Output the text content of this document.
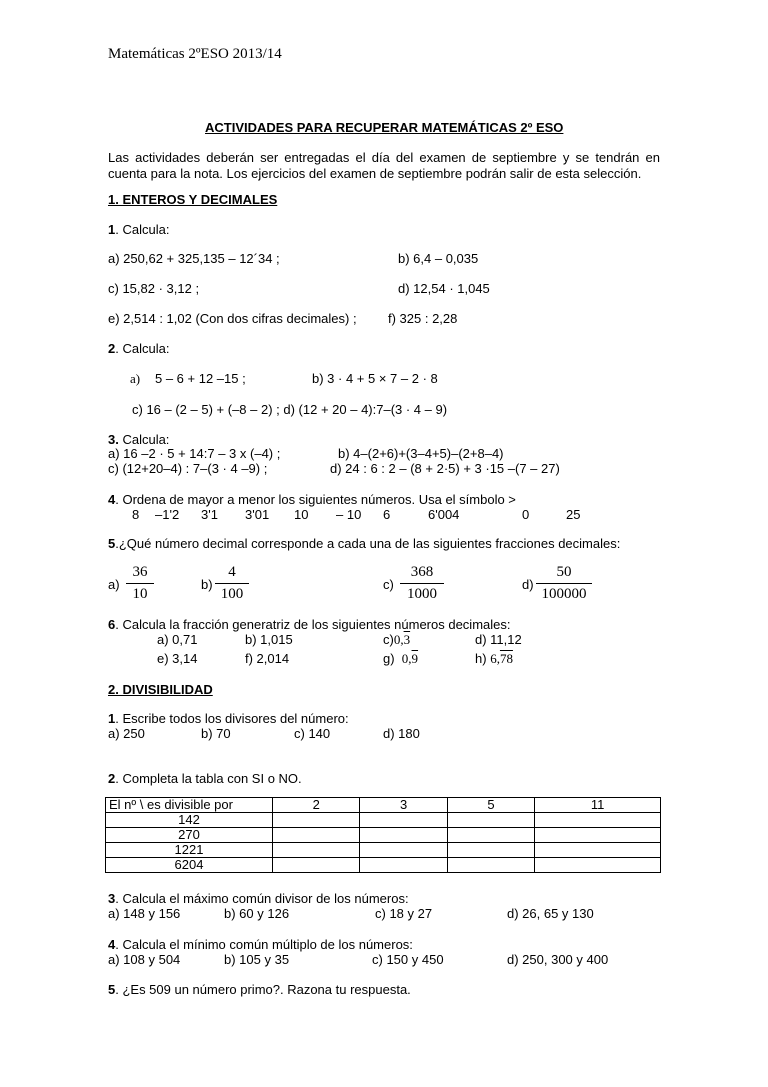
Matemáticas 2ºESO 2013/14
ACTIVIDADES PARA RECUPERAR MATEMÁTICAS 2º ESO
Las actividades deberán ser entregadas el día del examen de septiembre y se tendrán en cuenta para la nota. Los ejercicios del examen de septiembre podrán salir de esta selección.
1. ENTEROS Y DECIMALES
1. Calcula:
a) 250,62 + 325,135 – 12´34 ;	b) 6,4 – 0,035
c) 15,82 · 3,12 ;	d) 12,54 · 1,045
e) 2,514 : 1,02 (Con dos cifras decimales) ; f) 325 : 2,28
2. Calcula:
a) 5 – 6 + 12 –15 ;	b) 3 · 4 + 5 × 7 – 2 · 8
c) 16 – (2 – 5) + (–8 – 2) ; d) (12 + 20 – 4):7–(3 · 4 – 9)
3. Calcula:
a) 16 –2 · 5 + 14:7 – 3 x (–4) ;	b) 4–(2+6)+(3–4+5)–(2+8–4)
c) (12+20–4) : 7–(3 · 4 –9) ;	d) 24 : 6 : 2 – (8 + 2·5) + 3 ·15 –(7 – 27)
4. Ordena de mayor a menor los siguientes números. Usa el símbolo >
8 –1'2 3'1 3'01 10 – 10 6	6'004	0	25
5.¿Qué número decimal corresponde a cada una de las siguientes fracciones decimales:
a)
36
10
b)
4
100
c)
368
1000
d)
50
100000
6. Calcula la fracción generatriz de los siguientes números decimales:
a) 0,71	b) 1,015	c)0,3	d) 11,12
e) 3,14	f) 2,014	g) 0,9	h) 6,78
2. DIVISIBILIDAD
1. Escribe todos los divisores del número:
a) 250	b) 70	c) 140	d) 180
2. Completa la tabla con SI o NO.
El nº \ es divisible por	2	3	5	11
142				
270				
1221				
6204				
3. Calcula el máximo común divisor de los números:
a) 148 y 156	b) 60 y 126	c) 18 y 27	d) 26, 65 y 130
4. Calcula el mínimo común múltiplo de los números:
a) 108 y 504	b) 105 y 35	c) 150 y 450	d) 250, 300 y 400
5. ¿Es 509 un número primo?. Razona tu respuesta.
